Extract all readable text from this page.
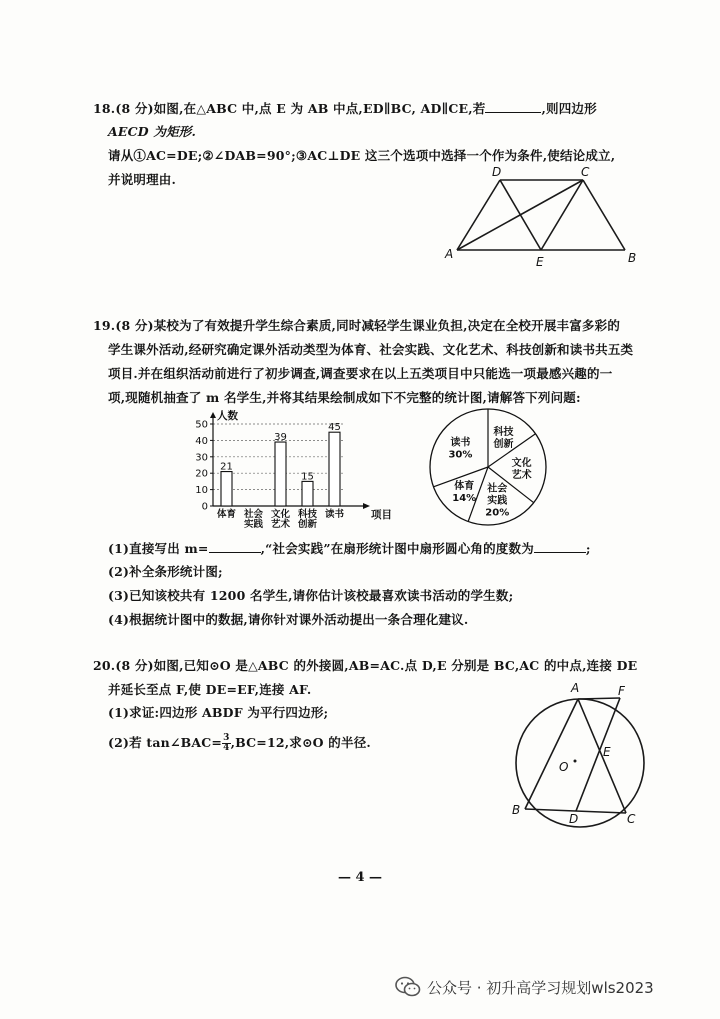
18.(8 分)如图,在△ABC 中,点 E 为 AB 中点,ED∥BC, AD∥CE,若	,则四边形
AECD 为矩形.
请从①AC=DE;②∠DAB=90°;③AC⊥DE 这三个选项中选择一个作为条件,使结论成立,
并说明理由.
A	B
C
D
E
19.(8 分)某校为了有效提升学生综合素质,同时减轻学生课业负担,决定在全校开展丰富多彩的
学生课外活动,经研究确定课外活动类型为体育、社会实践、文化艺术、科技创新和读书共五类
项目.并在组织活动前进行了初步调查,调查要求在以上五类项目中只能选一项最感兴趣的一
项,现随机抽查了 m 名学生,并将其结果绘制成如下不完整的统计图,请解答下列问题:
0
10
20
30
40
50
人数
项目
21
体育 社会
实践
39
文化
艺术
15
科技
创新
45
读书
科技
创新
文化
艺术
社会
实践
20%
体育
14%
读书
30%
(1)直接写出 m=	,“社会实践”在扇形统计图中扇形圆心角的度数为	;
(2)补全条形统计图;
(3)已知该校共有 1200 名学生,请你估计该校最喜欢读书活动的学生数;
(4)根据统计图中的数据,请你针对课外活动提出一条合理化建议.
20.(8 分)如图,已知⊙O 是△ABC 的外接圆,AB=AC.点 D,E 分别是 BC,AC 的中点,连接 DE
并延长至点 F,使 DE=EF,连接 AF.
(1)求证:四边形 ABDF 为平行四边形;
(2)若 tan∠BAC= $\frac{3}{4} ,BC=12$,求⊙O 的半径.
A
B
C
D
E
F
O
— 4 —
公众号 · 初升高学习规划wls2023
